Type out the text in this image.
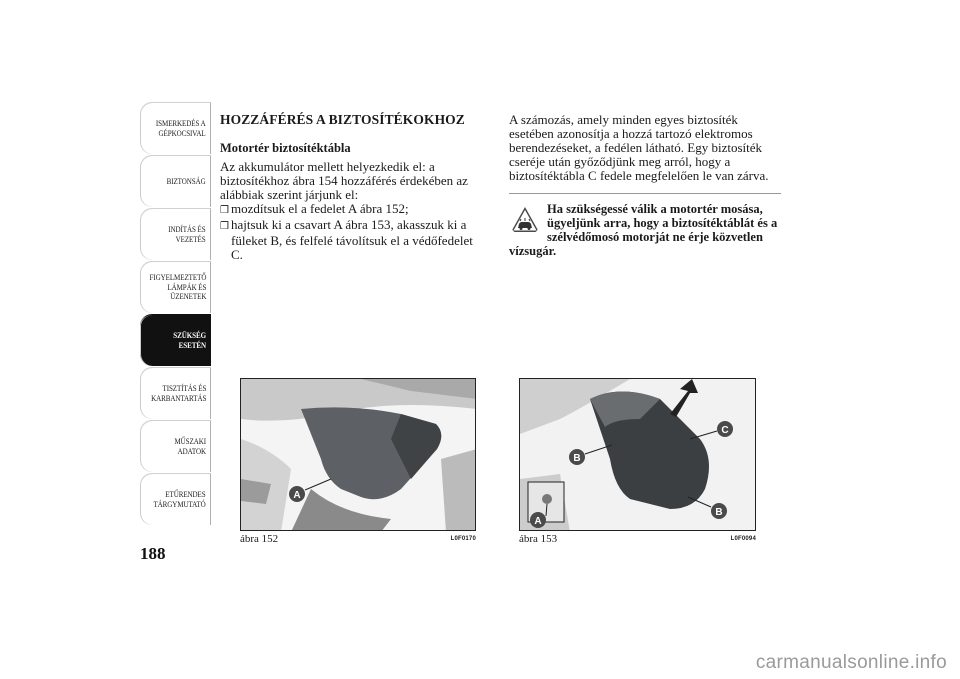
ISMERKEDÉS A
GÉPKOCSIVAL
BIZTONSÁG
INDÍTÁS ÉS
VEZETÉS
FIGYELMEZTETŐ
LÁMPÁK ÉS
ÜZENETEK
SZÜKSÉG ESETÉN
TISZTÍTÁS ÉS
KARBANTARTÁS
MŰSZAKI ADATOK
ETŰRENDES
TÁRGYMUTATÓ
188
HOZZÁFÉRÉS A BIZTOSÍTÉKOKHOZ
Motortér biztosítéktábla

Az akkumulátor mellett helyezkedik el: a biztosítékhoz ábra 154 hozzáférés érdekében az alábbiak szerint járjunk el:

❒ mozdítsuk el a fedelet A ábra 152;
❒ hajtsuk ki a csavart A ábra 153, akasszuk ki a füleket B, és felfelé távolítsuk el a védőfedelet C.

A számozás, amely minden egyes biztosíték esetében azonosítja a hozzá tartozó elektromos berendezéseket, a fedélen látható. Egy biztosíték cseréje után győződjünk meg arról, hogy a biztosítéktábla C fedele megfelelően le van zárva.

Ha szükségessé válik a motortér mosása, ügyeljünk arra, hogy a biztosítéktáblát és a szélvédőmosó motorját ne érje közvetlen
vízsugár.
A
ábra 152	L0F0170
C
B
B
A
ábra 153	L0F0094
carmanualsonline.info
